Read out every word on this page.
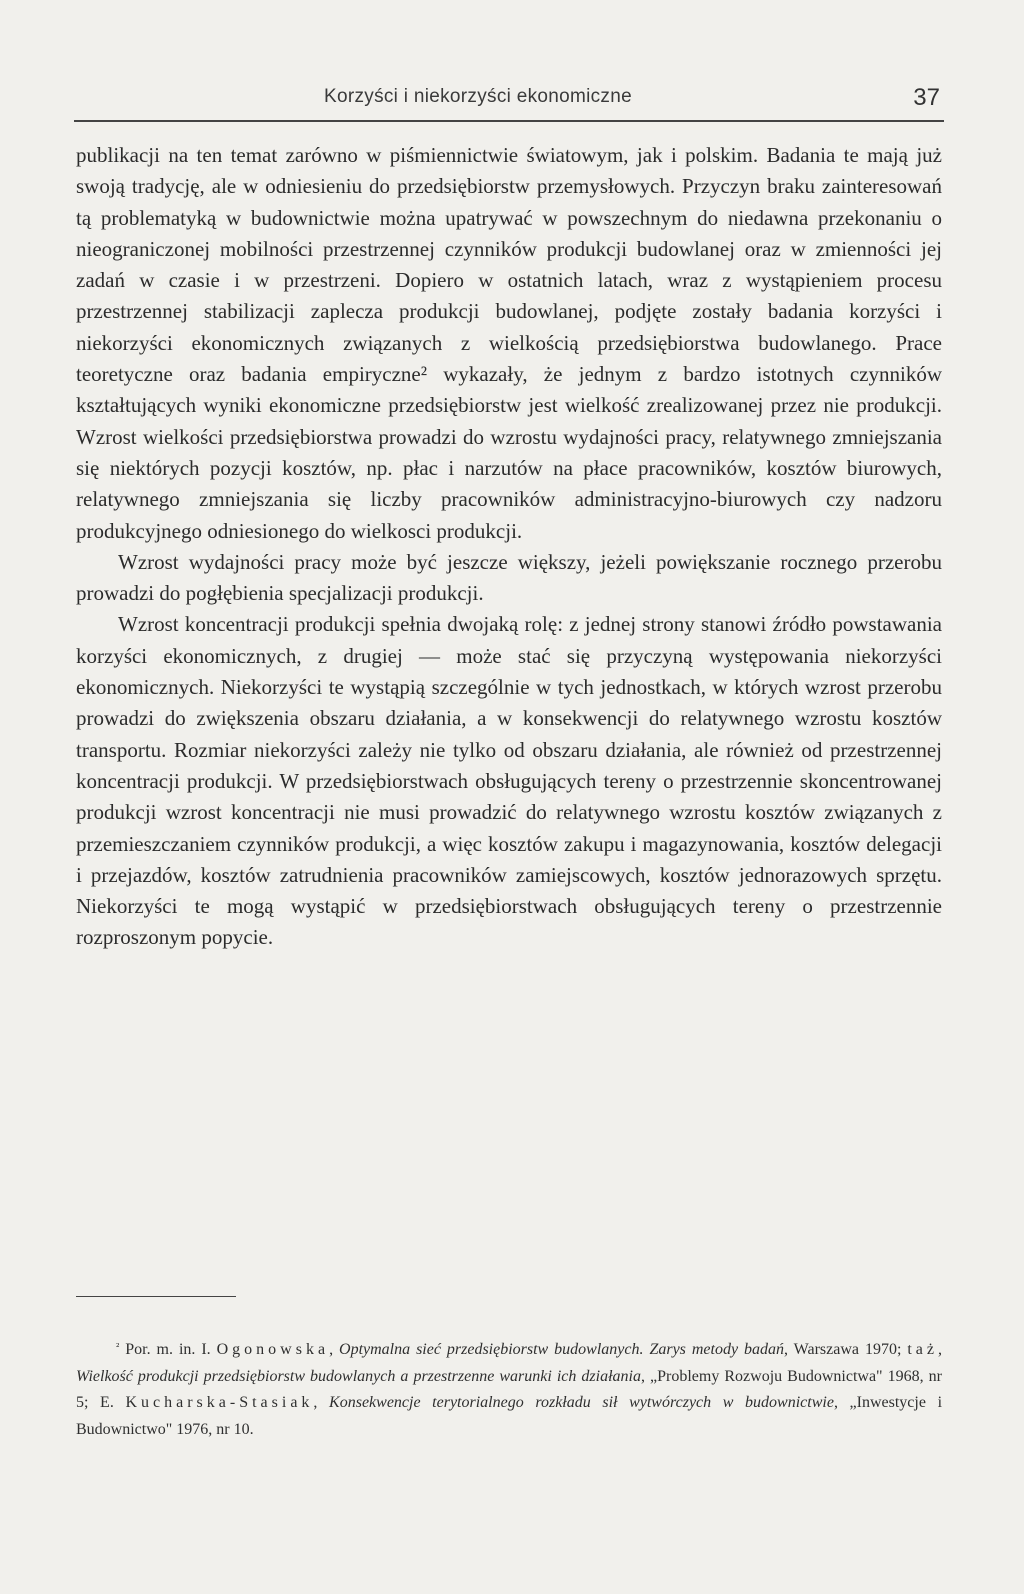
Korzyści i niekorzyści ekonomiczne	37

publikacji na ten temat zarówno w piśmiennictwie światowym, jak i polskim. Badania te mają już swoją tradycję, ale w odniesieniu do przedsiębiorstw przemysłowych. Przyczyn braku zainteresowań tą problematyką w budownictwie można upatrywać w powszechnym do niedawna przekonaniu o nieograniczonej mobilności przestrzennej czynników produkcji budowlanej oraz w zmienności jej zadań w czasie i w przestrzeni. Dopiero w ostatnich latach, wraz z wystąpieniem procesu przestrzennej stabilizacji zaplecza produkcji budowlanej, podjęte zostały badania korzyści i niekorzyści ekonomicznych związanych z wielkością przedsiębiorstwa budowlanego. Prace teoretyczne oraz badania empiryczne² wykazały, że jednym z bardzo istotnych czynników kształtujących wyniki ekonomiczne przedsiębiorstw jest wielkość zrealizowanej przez nie produkcji. Wzrost wielkości przedsiębiorstwa prowadzi do wzrostu wydajności pracy, relatywnego zmniejszania się niektórych pozycji kosztów, np. płac i narzutów na płace pracowników, kosztów biurowych, relatywnego zmniejszania się liczby pracowników administracyjno-biurowych czy nadzoru produkcyjnego odniesionego do wielkosci produkcji.

Wzrost wydajności pracy może być jeszcze większy, jeżeli powiększanie rocznego przerobu prowadzi do pogłębienia specjalizacji produkcji.

Wzrost koncentracji produkcji spełnia dwojaką rolę: z jednej strony stanowi źródło powstawania korzyści ekonomicznych, z drugiej — może stać się przyczyną występowania niekorzyści ekonomicznych. Niekorzyści te wystąpią szczególnie w tych jednostkach, w których wzrost przerobu prowadzi do zwiększenia obszaru działania, a w konsekwencji do relatywnego wzrostu kosztów transportu. Rozmiar niekorzyści zależy nie tylko od obszaru działania, ale również od przestrzennej koncentracji produkcji. W przedsiębiorstwach obsługujących tereny o przestrzennie skoncentrowanej produkcji wzrost koncentracji nie musi prowadzić do relatywnego wzrostu kosztów związanych z przemieszczaniem czynników produkcji, a więc kosztów zakupu i magazynowania, kosztów delegacji i przejazdów, kosztów zatrudnienia pracowników zamiejscowych, kosztów jednorazowych sprzętu. Niekorzyści te mogą wystąpić w przedsiębiorstwach obsługujących tereny o przestrzennie rozproszonym popycie.

$^{^2}$ Por. m. in. I. Ogonowska, Optymalna sieć przedsiębiorstw budowlanych. Zarys metody badań, Warszawa 1970; taż, Wielkość produkcji przedsiębiorstw budowlanych a przestrzenne warunki ich działania, „Problemy Rozwoju Budownictwa" 1968, nr 5; E. Kucharska-Stasiak, Konsekwencje terytorialnego rozkładu sił wytwórczych w budownictwie, „Inwestycje i Budownictwo" 1976, nr 10.
